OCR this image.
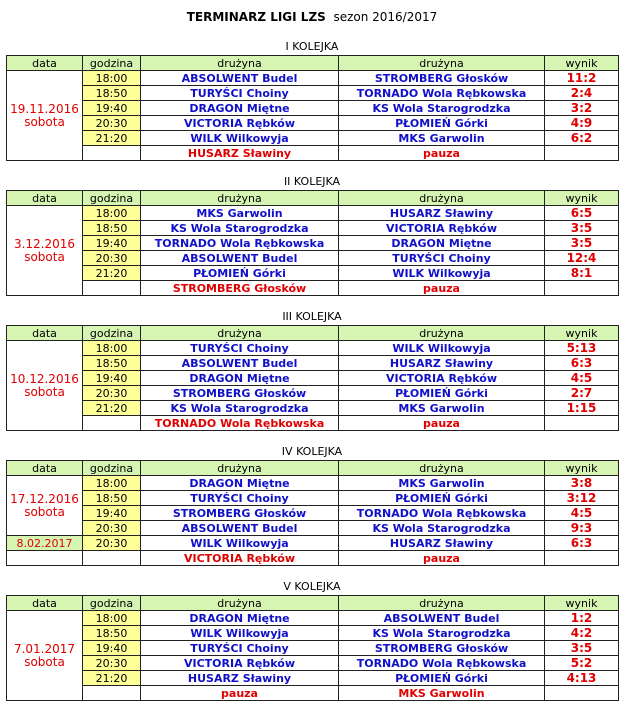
TERMINARZ LIGI LZS sezon 2016/2017
I KOLEJKA
data	godzina	drużyna	drużyna	wynik
19.11.2016
sobota	18:00	ABSOLWENT Budel	STROMBERG Głosków	11:2
	18:50	TURYŚCI Choiny	TORNADO Wola Rębkowska	2:4
	19:40	DRAGON Miętne	KS Wola Starogrodzka	3:2
	20:30	VICTORIA Rębków	PŁOMIEŃ Górki	4:9
	21:20	WILK Wilkowyja	MKS Garwolin	6:2
		HUSARZ Sławiny	pauza	
II KOLEJKA
data	godzina	drużyna	drużyna	wynik
3.12.2016
sobota	18:00	MKS Garwolin	HUSARZ Sławiny	6:5
	18:50	KS Wola Starogrodzka	VICTORIA Rębków	3:5
	19:40	TORNADO Wola Rębkowska	DRAGON Miętne	3:5
	20:30	ABSOLWENT Budel	TURYŚCI Choiny	12:4
	21:20	PŁOMIEŃ Górki	WILK Wilkowyja	8:1
		STROMBERG Głosków	pauza	
III KOLEJKA
data	godzina	drużyna	drużyna	wynik
10.12.2016
sobota	18:00	TURYŚCI Choiny	WILK Wilkowyja	5:13
	18:50	ABSOLWENT Budel	HUSARZ Sławiny	6:3
	19:40	DRAGON Miętne	VICTORIA Rębków	4:5
	20:30	STROMBERG Głosków	PŁOMIEŃ Górki	2:7
	21:20	KS Wola Starogrodzka	MKS Garwolin	1:15
		TORNADO Wola Rębkowska	pauza	
IV KOLEJKA
data	godzina	drużyna	drużyna	wynik
17.12.2016
sobota	18:00	DRAGON Miętne	MKS Garwolin	3:8
	18:50	TURYŚCI Choiny	PŁOMIEŃ Górki	3:12
	19:40	STROMBERG Głosków	TORNADO Wola Rębkowska	4:5
	20:30	ABSOLWENT Budel	KS Wola Starogrodzka	9:3
8.02.2017	20:30	WILK Wilkowyja	HUSARZ Sławiny	6:3
		VICTORIA Rębków	pauza	
V KOLEJKA
data	godzina	drużyna	drużyna	wynik
7.01.2017
sobota	18:00	DRAGON Miętne	ABSOLWENT Budel	1:2
	18:50	WILK Wilkowyja	KS Wola Starogrodzka	4:2
	19:40	TURYŚCI Choiny	STROMBERG Głosków	3:5
	20:30	VICTORIA Rębków	TORNADO Wola Rębkowska	5:2
	21:20	HUSARZ Sławiny	PŁOMIEŃ Górki	4:13
		pauza	MKS Garwolin	
